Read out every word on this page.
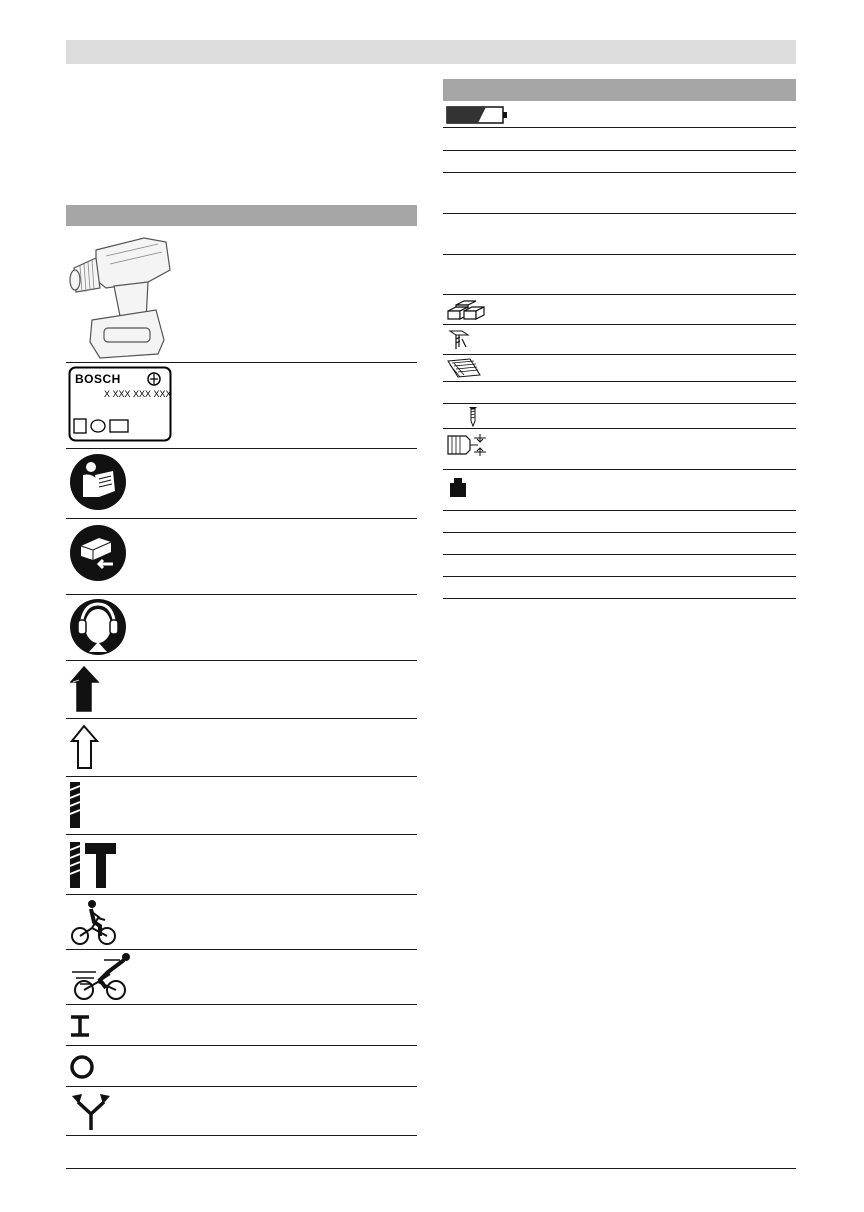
BOSCH
X XXX XXX XXX
